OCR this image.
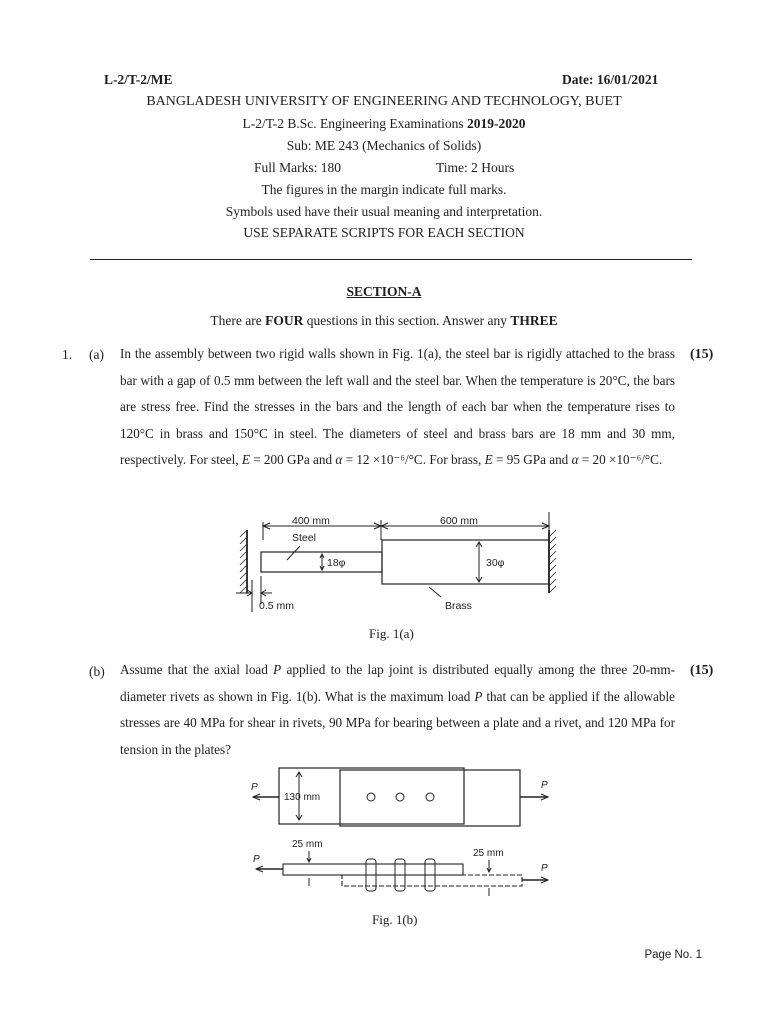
L-2/T-2/ME	Date: 16/01/2021
BANGLADESH UNIVERSITY OF ENGINEERING AND TECHNOLOGY, BUET
L-2/T-2 B.Sc. Engineering Examinations 2019-2020
Sub: ME 243 (Mechanics of Solids)
Full Marks: 180	Time: 2 Hours
The figures in the margin indicate full marks.
Symbols used have their usual meaning and interpretation.
USE SEPARATE SCRIPTS FOR EACH SECTION
SECTION-A
There are FOUR questions in this section. Answer any THREE
1. (a)	(15)

In the assembly between two rigid walls shown in Fig. 1(a), the steel bar is rigidly attached to the brass bar with a gap of 0.5 mm between the left wall and the steel bar. When the temperature is 20°C, the bars are stress free. Find the stresses in the bars and the length of each bar when the temperature rises to 120°C in brass and 150°C in steel. The diameters of steel and brass bars are 18 mm and 30 mm, respectively. For steel, E = 200 GPa and α = 12 ×10⁻⁶/°C. For brass, E = 95 GPa and α = 20 ×10⁻⁶/°C.

400 mm	600 mm
Steel
18φ	30φ
Brass
0.5 mm
Fig. 1(a)
(b)	(15)

Assume that the axial load P applied to the lap joint is distributed equally among the three 20-mm-diameter rivets as shown in Fig. 1(b). What is the maximum load P that can be applied if the allowable stresses are 40 MPa for shear in rivets, 90 MPa for bearing between a plate and a rivet, and 120 MPa for tension in the plates?

P	P
130 mm
25 mm
25 mm
P
P
Fig. 1(b)
Page No. 1
